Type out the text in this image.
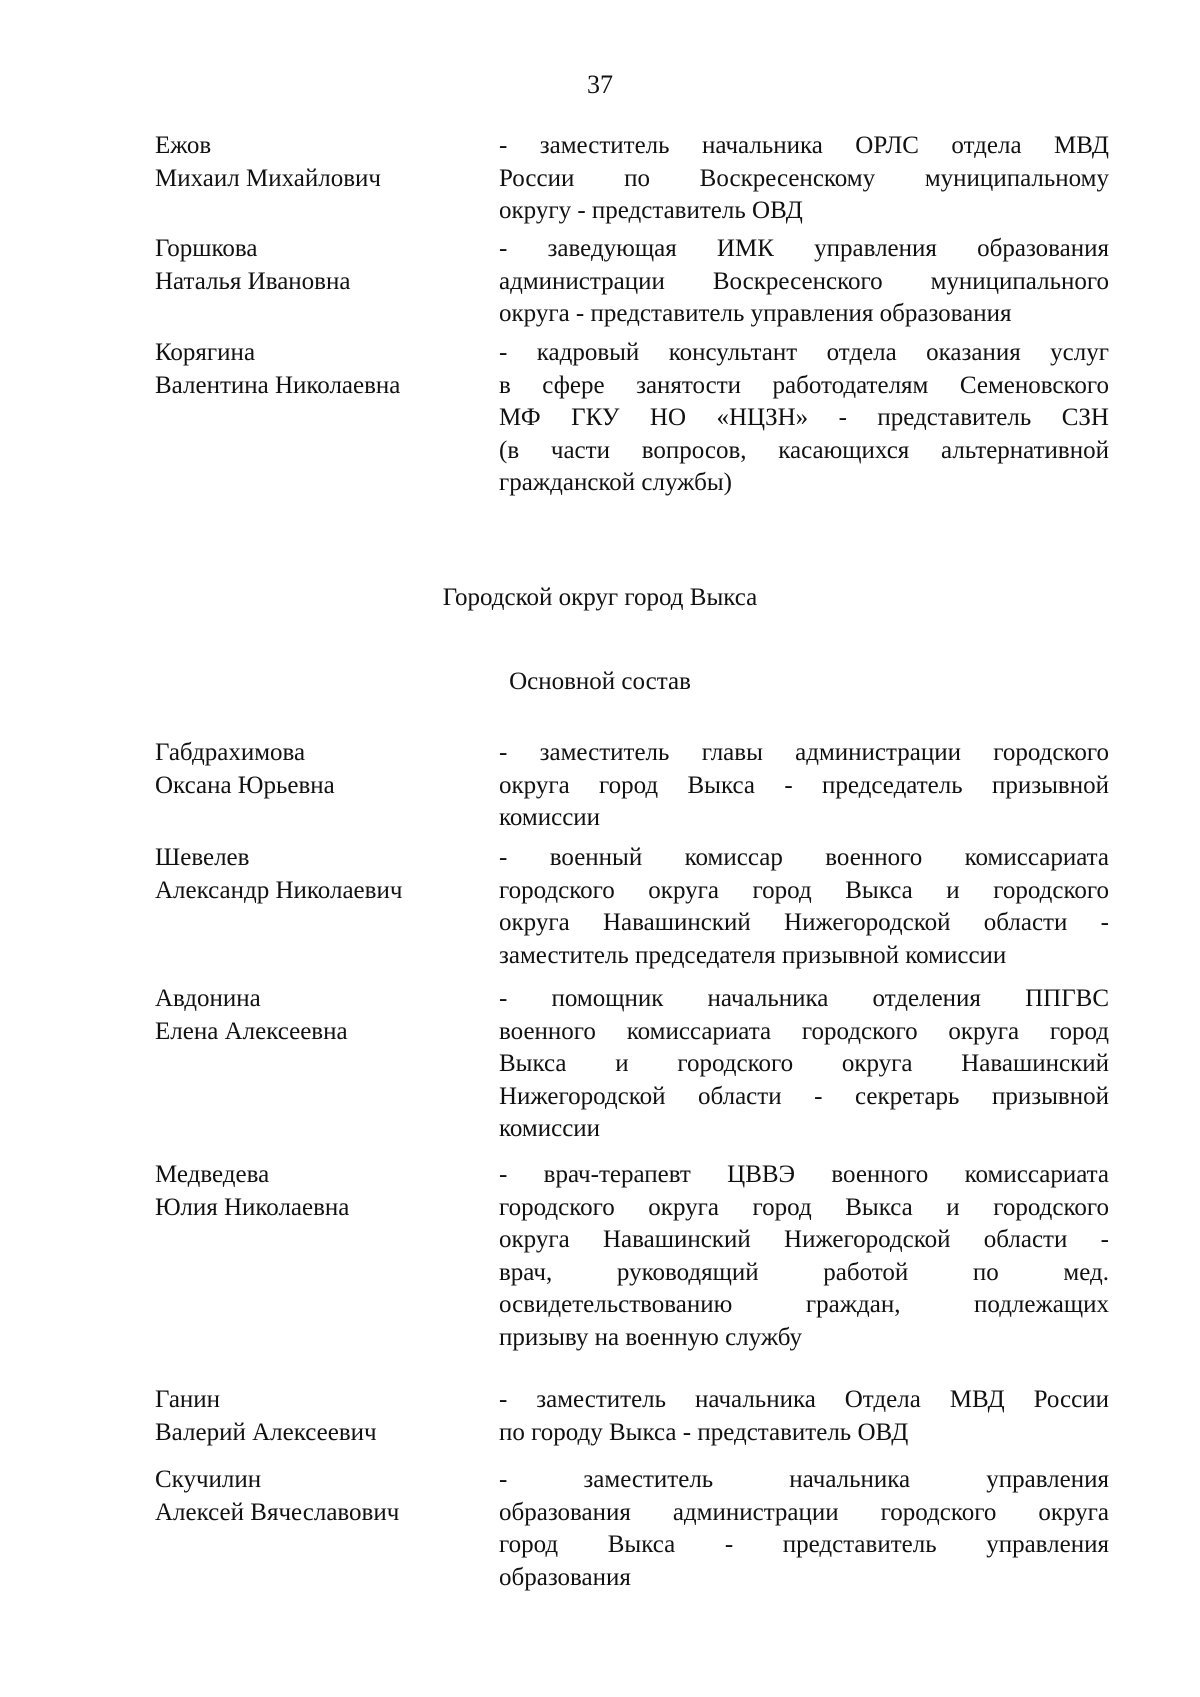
37
Ежов
Михаил Михайлович
- заместитель начальника ОРЛС отдела МВД
России по Воскресенскому муниципальному
округу - представитель ОВД
Горшкова
Наталья Ивановна
- заведующая ИМК управления образования
администрации Воскресенского муниципального
округа - представитель управления образования
Корягина
Валентина Николаевна
- кадровый консультант отдела оказания услуг
в сфере занятости работодателям Семеновского
МФ ГКУ НО «НЦЗН» - представитель СЗН
(в части вопросов, касающихся альтернативной
гражданской службы)
Городской округ город Выкса
Основной состав
Габдрахимова
Оксана Юрьевна
- заместитель главы администрации городского
округа город Выкса - председатель призывной
комиссии
Шевелев
Александр Николаевич
- военный комиссар военного комиссариата
городского округа город Выкса и городского
округа Навашинский Нижегородской области -
заместитель председателя призывной комиссии
Авдонина
Елена Алексеевна
- помощник начальника отделения ППГВС
военного комиссариата городского округа город
Выкса и городского округа Навашинский
Нижегородской области - секретарь призывной
комиссии
Медведева
Юлия Николаевна
- врач-терапевт ЦВВЭ военного комиссариата
городского округа город Выкса и городского
округа Навашинский Нижегородской области -
врач, руководящий работой по мед.
освидетельствованию граждан, подлежащих
призыву на военную службу
Ганин
Валерий Алексеевич
- заместитель начальника Отдела МВД России
по городу Выкса - представитель ОВД
Скучилин
Алексей Вячеславович
- заместитель начальника управления
образования администрации городского округа
город Выкса - представитель управления
образования
